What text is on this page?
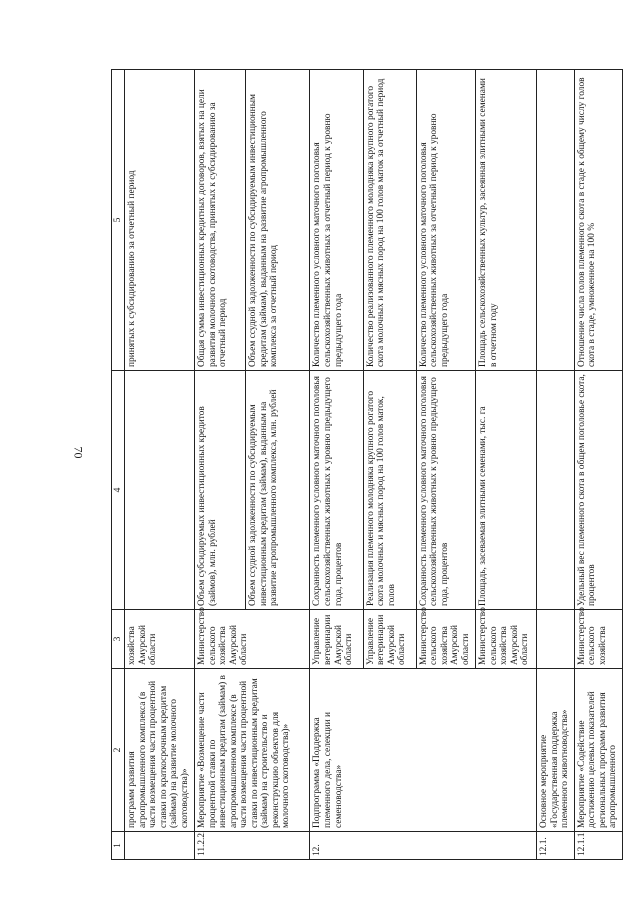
70
1	2	3	4	5
	программ развития агропромышленного комплекса (в части возмещения части процентной ставки по краткосрочным кредитам (займам) на развитие молочного скотоводства)»	хозяйства Амурской области		принятых к субсидированию за отчетный период
11.2.2.	Мероприятие «Возмещение части процентной ставки по инвестиционным кредитам (займам) в агропромышленном комплексе (в части возмещения части процентной ставки по инвестиционным кредитам (займам) на строительство и реконструкцию объектов для молочного скотоводства)»	Министерство сельского хозяйства Амурской области	Объем субсидируемых инвестиционных кредитов (займов), млн. рублей	Общая сумма инвестиционных кредитных договоров, взятых на цели развития молочного скотоводства, принятых к субсидированию за отчетный период
			Объем ссудной задолженности по субсидируемым инвестиционным кредитам (займам), выданным на развитие агропромышленного комплекса, млн. рублей	Объем ссудной задолженности по субсидируемым инвестиционным кредитам (займам), выданным на развитие агропромышленного комплекса за отчетный период
12.	Подпрограмма «Поддержка племенного дела, селекции и семеноводства»	Управление ветеринарии Амурской области	Сохранность племенного условного маточного поголовья сельскохозяйственных животных к уровню предыдущего года, процентов	Количество племенного условного маточного поголовья сельскохозяйственных животных за отчетный период к уровню предыдущего года
		Управление ветеринарии Амурской области	Реализация племенного молодняка крупного рогатого скота молочных и мясных пород на 100 голов маток, голов	Количество реализованного племенного молодняка крупного рогатого скота молочных и мясных пород на 100 голов маток за отчетный период
		Министерство сельского хозяйства Амурской области	Сохранность племенного условного маточного поголовья сельскохозяйственных животных к уровню предыдущего года, процентов	Количество племенного условного маточного поголовья сельскохозяйственных животных за отчетный период к уровню предыдущего года
		Министерство сельского хозяйства Амурской области	Площадь, засеваемая элитными семенами, тыс. га	Площадь сельскохозяйственных культур, засеянная элитными семенами в отчетном году
12.1.	Основное мероприятие «Государственная поддержка племенного животноводства»			
12.1.1.	Мероприятие «Содействие достижению целевых показателей региональных программ развития агропромышленного	Министерство сельского хозяйства	Удельный вес племенного скота в общем поголовье скота, процентов	Отношение числа голов племенного скота в стаде к общему числу голов скота в стаде, умноженное на 100 %
